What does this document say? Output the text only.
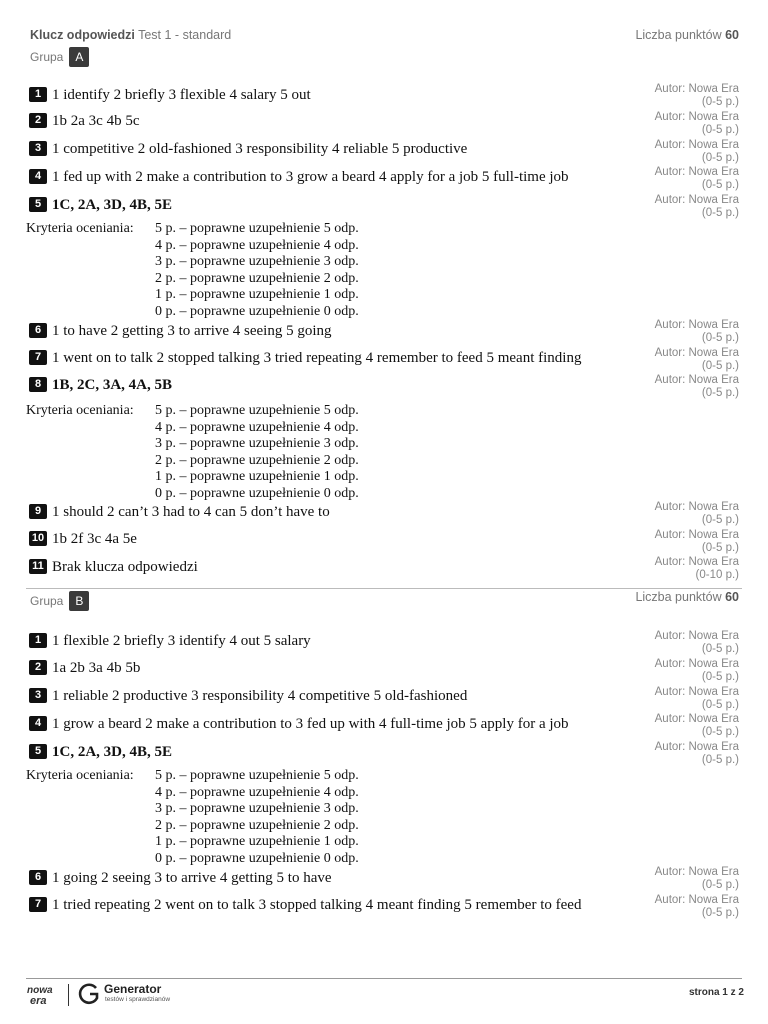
Klucz odpowiedzi Test 1 - standard	Liczba punktów 60
Grupa A
1 1 identify 2 briefly 3 flexible 4 salary 5 out	Autor: Nowa Era
(0-5 p.)
2 1b 2a 3c 4b 5c	Autor: Nowa Era
(0-5 p.)
3 1 competitive 2 old-fashioned 3 responsibility 4 reliable 5 productive	Autor: Nowa Era
(0-5 p.)
4 1 fed up with 2 make a contribution to 3 grow a beard 4 apply for a job 5 full-time job	Autor: Nowa Era
(0-5 p.)
5 1C, 2A, 3D, 4B, 5E	Autor: Nowa Era
(0-5 p.)
Kryteria oceniania: 5 p. – poprawne uzupełnienie 5 odp.
4 p. – poprawne uzupełnienie 4 odp.
3 p. – poprawne uzupełnienie 3 odp.
2 p. – poprawne uzupełnienie 2 odp.
1 p. – poprawne uzupełnienie 1 odp.
0 p. – poprawne uzupełnienie 0 odp.
6 1 to have 2 getting 3 to arrive 4 seeing 5 going	Autor: Nowa Era
(0-5 p.)
7 1 went on to talk 2 stopped talking 3 tried repeating 4 remember to feed 5 meant finding	Autor: Nowa Era
(0-5 p.)
8 1B, 2C, 3A, 4A, 5B	Autor: Nowa Era
(0-5 p.)
Kryteria oceniania: 5 p. – poprawne uzupełnienie 5 odp.
4 p. – poprawne uzupełnienie 4 odp.
3 p. – poprawne uzupełnienie 3 odp.
2 p. – poprawne uzupełnienie 2 odp.
1 p. – poprawne uzupełnienie 1 odp.
0 p. – poprawne uzupełnienie 0 odp.
9 1 should 2 can’t 3 had to 4 can 5 don’t have to	Autor: Nowa Era
(0-5 p.)
10 1b 2f 3c 4a 5e	Autor: Nowa Era
(0-5 p.)
11 Brak klucza odpowiedzi	Autor: Nowa Era
(0-10 p.)
Grupa B	Liczba punktów 60
1 1 flexible 2 briefly 3 identify 4 out 5 salary	Autor: Nowa Era
(0-5 p.)
2 1a 2b 3a 4b 5b	Autor: Nowa Era
(0-5 p.)
3 1 reliable 2 productive 3 responsibility 4 competitive 5 old-fashioned	Autor: Nowa Era
(0-5 p.)
4 1 grow a beard 2 make a contribution to 3 fed up with 4 full-time job 5 apply for a job	Autor: Nowa Era
(0-5 p.)
5 1C, 2A, 3D, 4B, 5E	Autor: Nowa Era
(0-5 p.)
Kryteria oceniania: 5 p. – poprawne uzupełnienie 5 odp.
4 p. – poprawne uzupełnienie 4 odp.
3 p. – poprawne uzupełnienie 3 odp.
2 p. – poprawne uzupełnienie 2 odp.
1 p. – poprawne uzupełnienie 1 odp.
0 p. – poprawne uzupełnienie 0 odp.
6 1 going 2 seeing 3 to arrive 4 getting 5 to have	Autor: Nowa Era
(0-5 p.)
7 1 tried repeating 2 went on to talk 3 stopped talking 4 meant finding 5 remember to feed	Autor: Nowa Era
(0-5 p.)
nowa
era
Generator
testów i sprawdzianów
strona 1 z 2
